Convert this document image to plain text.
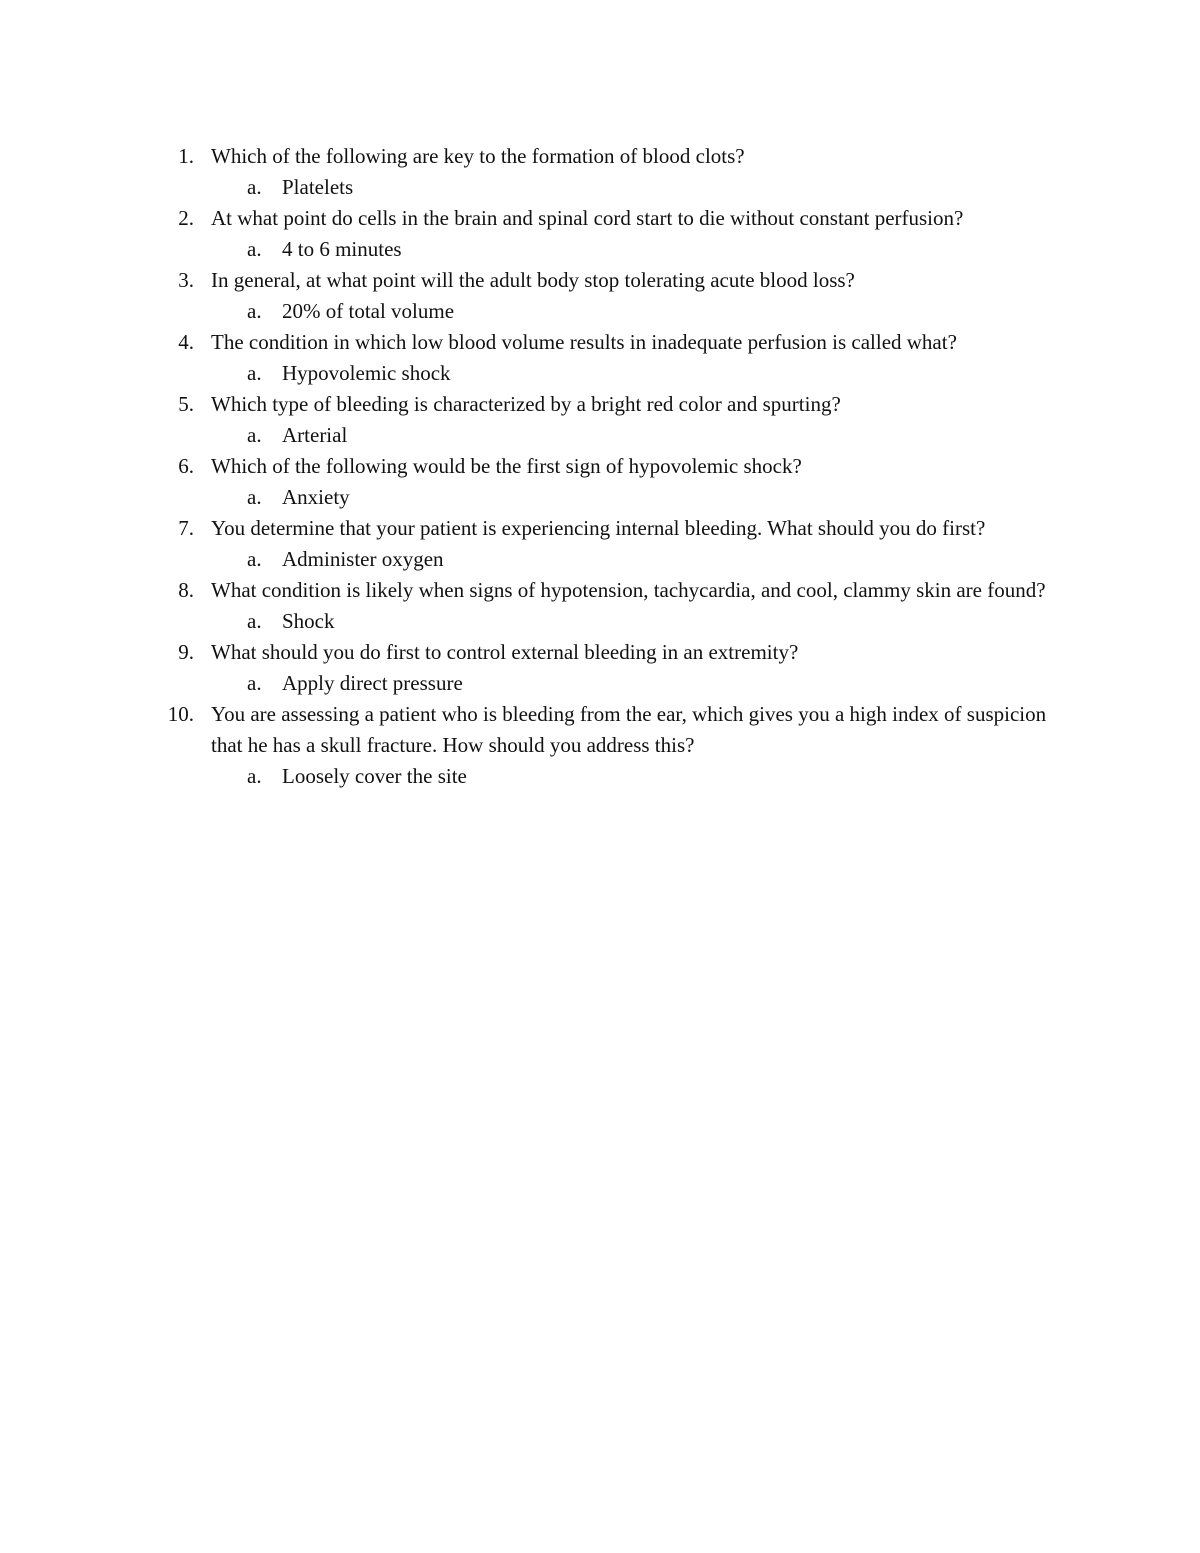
1. Which of the following are key to the formation of blood clots?
a. Platelets
2. At what point do cells in the brain and spinal cord start to die without constant perfusion?
a. 4 to 6 minutes
3. In general, at what point will the adult body stop tolerating acute blood loss?
a. 20% of total volume
4. The condition in which low blood volume results in inadequate perfusion is called what?
a. Hypovolemic shock
5. Which type of bleeding is characterized by a bright red color and spurting?
a. Arterial
6. Which of the following would be the first sign of hypovolemic shock?
a. Anxiety
7. You determine that your patient is experiencing internal bleeding. What should you do first?
a. Administer oxygen
8. What condition is likely when signs of hypotension, tachycardia, and cool, clammy skin are found?
a. Shock
9. What should you do first to control external bleeding in an extremity?
a. Apply direct pressure
10. You are assessing a patient who is bleeding from the ear, which gives you a high index of suspicion that he has a skull fracture. How should you address this?
a. Loosely cover the site
